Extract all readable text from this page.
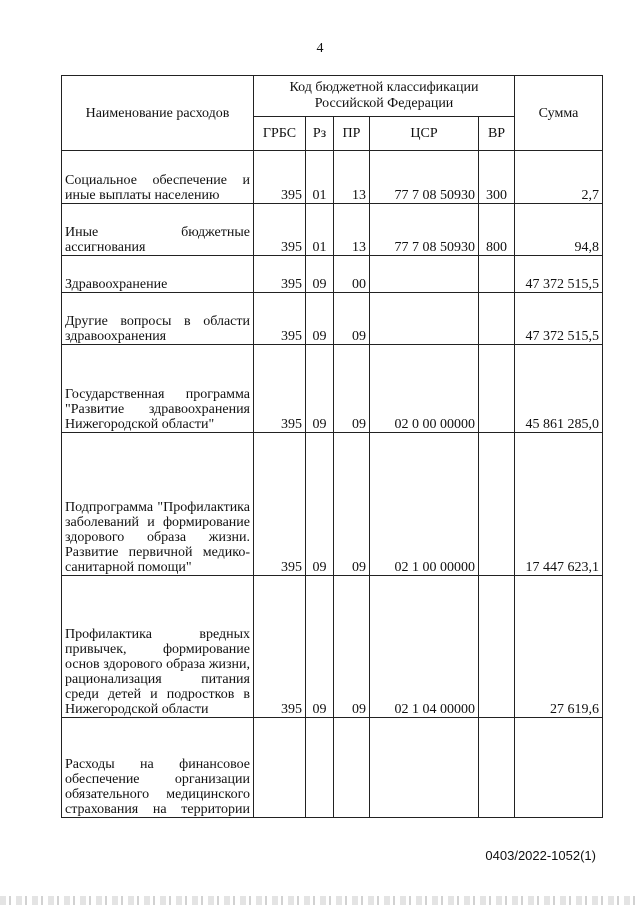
4
Наименование расходов	Код бюджетной классификации Российской Федерации					Сумма
	ГРБС	Рз	ПР	ЦСР	ВР	
Социальное обеспечение и иные выплаты населению	395	01	13	77 7 08 50930	300	2,7
Иные бюджетные ассигнования	395	01	13	77 7 08 50930	800	94,8
Здравоохранение	395	09	00			47 372 515,5
Другие вопросы в области здравоохранения	395	09	09			47 372 515,5
Государственная программа "Развитие здравоохранения Нижегородской области"	395	09	09	02 0 00 00000		45 861 285,0
Подпрограмма "Профилактика заболеваний и формирование здорового образа жизни. Развитие первичной медико-санитарной помощи"	395	09	09	02 1 00 00000		17 447 623,1
Профилактика вредных привычек, формирование основ здорового образа жизни, рационализация питания среди детей и подростков в Нижегородской области	395	09	09	02 1 04 00000		27 619,6
Расходы на финансовое обеспечение организации обязательного медицинского страхования на территории						
0403/2022-1052(1)
